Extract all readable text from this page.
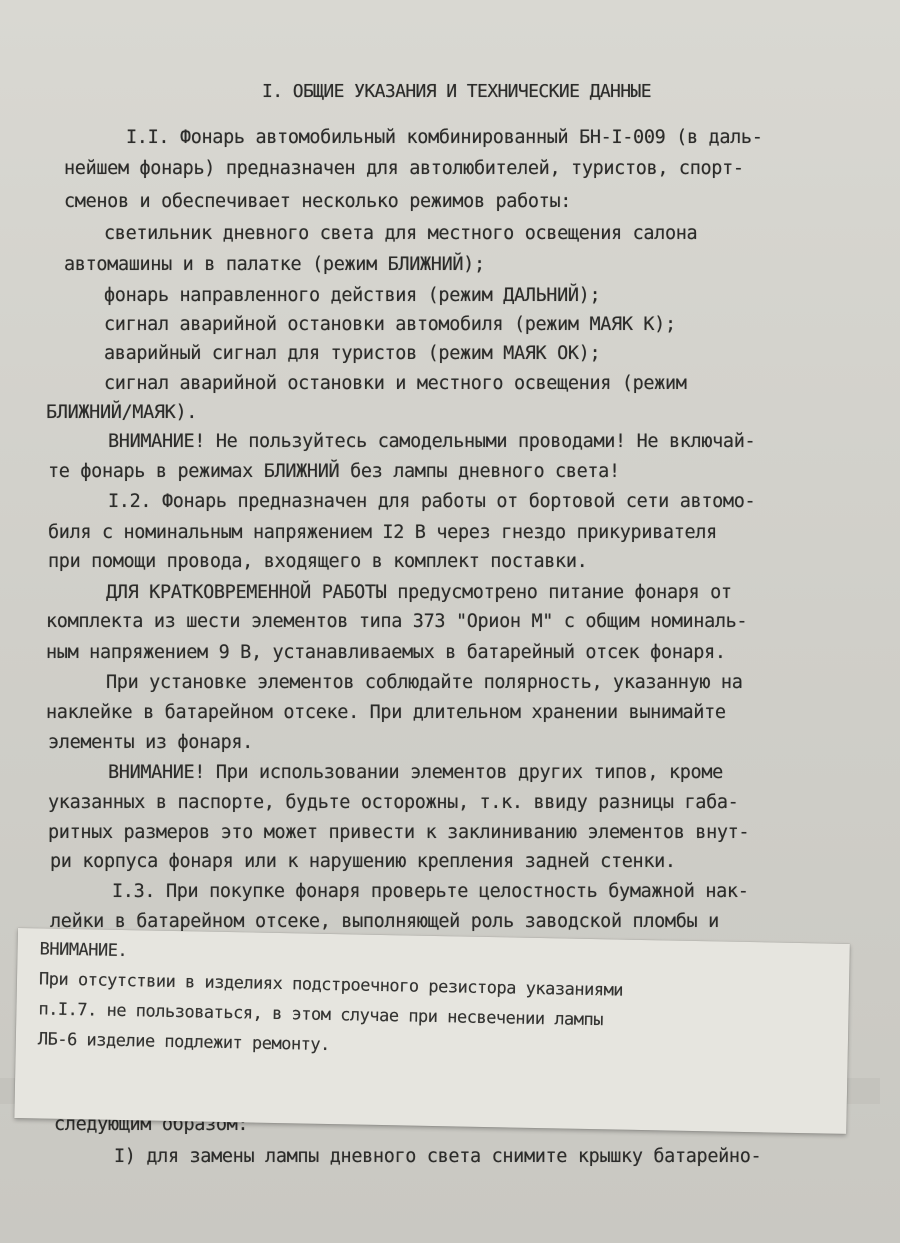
I. ОБЩИЕ УКАЗАНИЯ И ТЕХНИЧЕСКИЕ ДАННЫЕ
I.I. Фонарь автомобильный комбинированный БН-I-009 (в даль-
нейшем фонарь) предназначен для автолюбителей, туристов, спорт-
сменов и обеспечивает несколько режимов работы:
светильник дневного света для местного освещения салона
автомашины и в палатке (режим БЛИЖНИЙ);
фонарь направленного действия (режим ДАЛЬНИЙ);
сигнал аварийной остановки автомобиля (режим МАЯК К);
аварийный сигнал для туристов (режим МАЯК ОК);
сигнал аварийной остановки и местного освещения (режим
БЛИЖНИЙ/МАЯК).
ВНИМАНИЕ! Не пользуйтесь самодельными проводами! Не включай-
те фонарь в режимах БЛИЖНИЙ без лампы дневного света!
I.2. Фонарь предназначен для работы от бортовой сети автомо-
биля с номинальным напряжением I2 В через гнездо прикуривателя
при помощи провода, входящего в комплект поставки.
ДЛЯ КРАТКОВРЕМЕННОЙ РАБОТЫ предусмотрено питание фонаря от
комплекта из шести элементов типа 373 "Орион М" с общим номиналь-
ным напряжением 9 В, устанавливаемых в батарейный отсек фонаря.
При установке элементов соблюдайте полярность, указанную на
наклейке в батарейном отсеке. При длительном хранении вынимайте
элементы из фонаря.
ВНИМАНИЕ! При использовании элементов других типов, кроме
указанных в паспорте, будьте осторожны, т.к. ввиду разницы габа-
ритных размеров это может привести к заклиниванию элементов внут-
ри корпуса фонаря или к нарушению крепления задней стенки.
I.3. При покупке фонаря проверьте целостность бумажной нак-
лейки в батарейном отсеке, выполняющей роль заводской пломбы и
следующим образом:
I) для замены лампы дневного света снимите крышку батарейно-
ВНИМАНИЕ.
При отсутствии в изделиях подстроечного резистора указаниями
п.I.7. не пользоваться, в этом случае при несвечении лампы
ЛБ-6 изделие подлежит ремонту.
